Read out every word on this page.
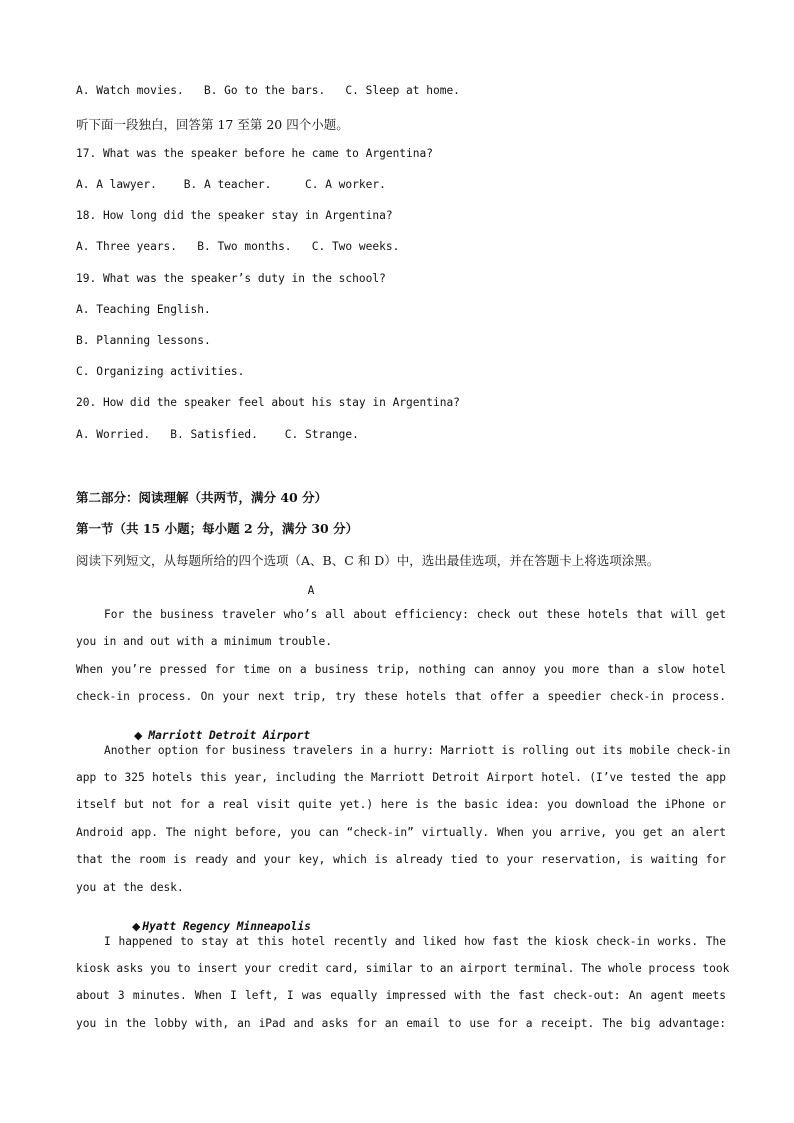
A. Watch movies.   B. Go to the bars.   C. Sleep at home.
听下面一段独白，回答第 17 至第 20 四个小题。
17. What was the speaker before he came to Argentina?
A. A lawyer.    B. A teacher.     C. A worker.
18. How long did the speaker stay in Argentina?
A. Three years.   B. Two months.   C. Two weeks.
19. What was the speaker’s duty in the school?
A. Teaching English.
B. Planning lessons.
C. Organizing activities.
20. How did the speaker feel about his stay in Argentina?
A. Worried.   B. Satisfied.    C. Strange.
第二部分：阅读理解（共两节，满分 40 分）
第一节（共 15 小题；每小题 2 分，满分 30 分）
阅读下列短文，从每题所给的四个选项（A、B、C 和 D）中，选出最佳选项，并在答题卡上将选项涂黑。
A
For the business traveler who’s all about efficiency: check out these hotels that will get
you in and out with a minimum trouble.
When you’re pressed for time on a business trip, nothing can annoy you more than a slow hotel
check-in process. On your next trip, try these hotels that offer a speedier check-in process.

◆ Marriott Detroit Airport

Another option for business travelers in a hurry: Marriott is rolling out its mobile check-in
app to 325 hotels this year, including the Marriott Detroit Airport hotel. (I’ve tested the app
itself but not for a real visit quite yet.) here is the basic idea: you download the iPhone or
Android app. The night before, you can “check-in” virtually. When you arrive, you get an alert
that the room is ready and your key, which is already tied to your reservation, is waiting for
you at the desk.

◆ Hyatt Regency Minneapolis

I happened to stay at this hotel recently and liked how fast the kiosk check-in works. The
kiosk asks you to insert your credit card, similar to an airport terminal. The whole process took
about 3 minutes. When I left, I was equally impressed with the fast check-out: An agent meets
you in the lobby with, an iPad and asks for an email to use for a receipt. The big advantage:
